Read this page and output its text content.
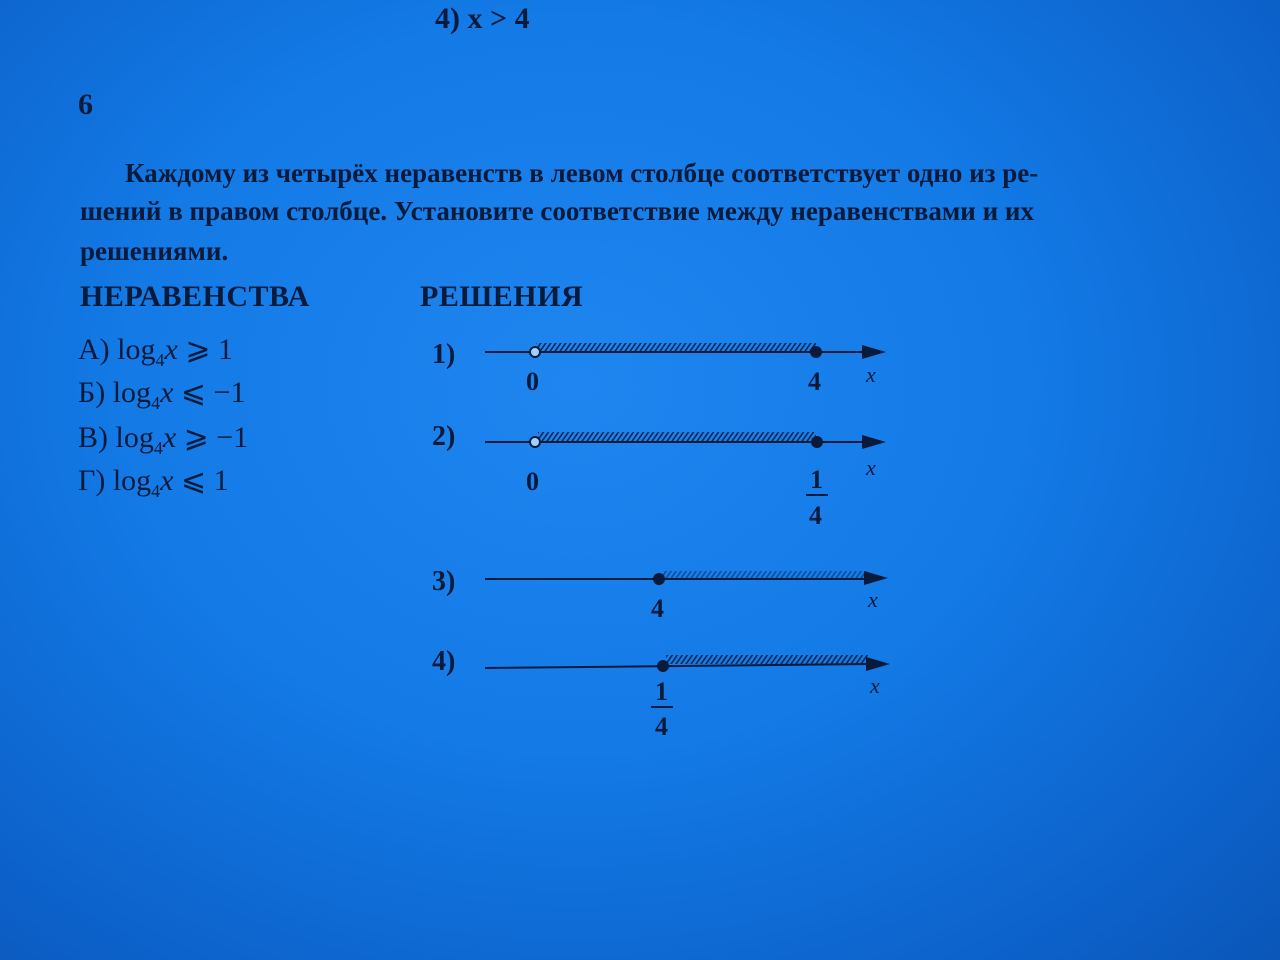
4) x > 4
6
Каждому из четырёх неравенств в левом столбце соответствует одно из ре-
шений в правом столбце. Установите соответствие между неравенствами и их
решениями.
НЕРАВЕНСТВА	РЕШЕНИЯ
А) $\log_4x$ ⩾ 1
Б) $\log_4x$ ⩽ −1
В) $\log_4x$ ⩾ −1
Г) $\log_4x$ ⩽ 1
1)
0	4 x
2)
0	1
4
x
3)
4	x
4)
1
4
x
